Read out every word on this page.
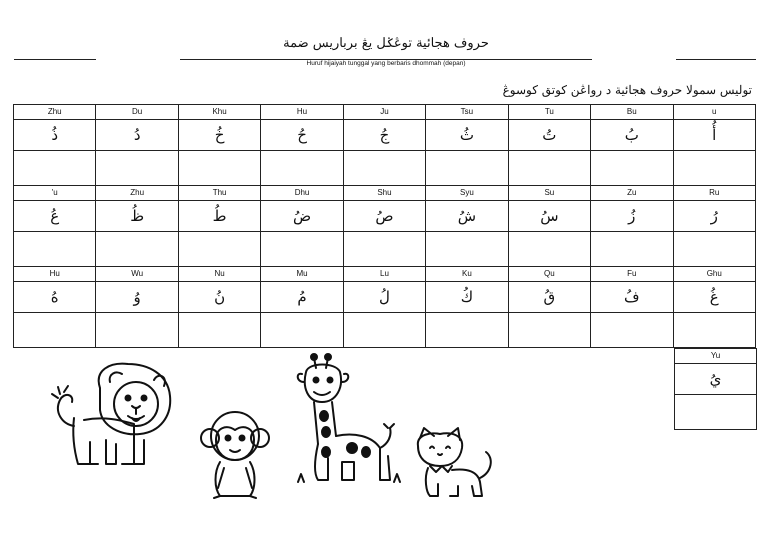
حروف هجائية توڠݢل يڠ برباريس ضمة
Huruf hijaiyah tunggal yang berbaris dhommah (depan)
توليس سمولا حروف هجائية د رواڠن كوتق كوسوڠ
Zhu	Du	Khu	Hu	Ju	Tsu	Tu	Bu	u
ذُ	دُ	خُ	حُ	جُ	ثُ	تُ	بُ	أُ

'u	Zhu	Thu	Dhu	Shu	Syu	Su	Zu	Ru
عُ	ظُ	طُ	ضُ	صُ	شُ	سُ	زُ	رُ

Hu	Wu	Nu	Mu	Lu	Ku	Qu	Fu	Ghu
هُ	وُ	نُ	مُ	لُ	كُ	قُ	فُ	غُ

Yu
يُ
